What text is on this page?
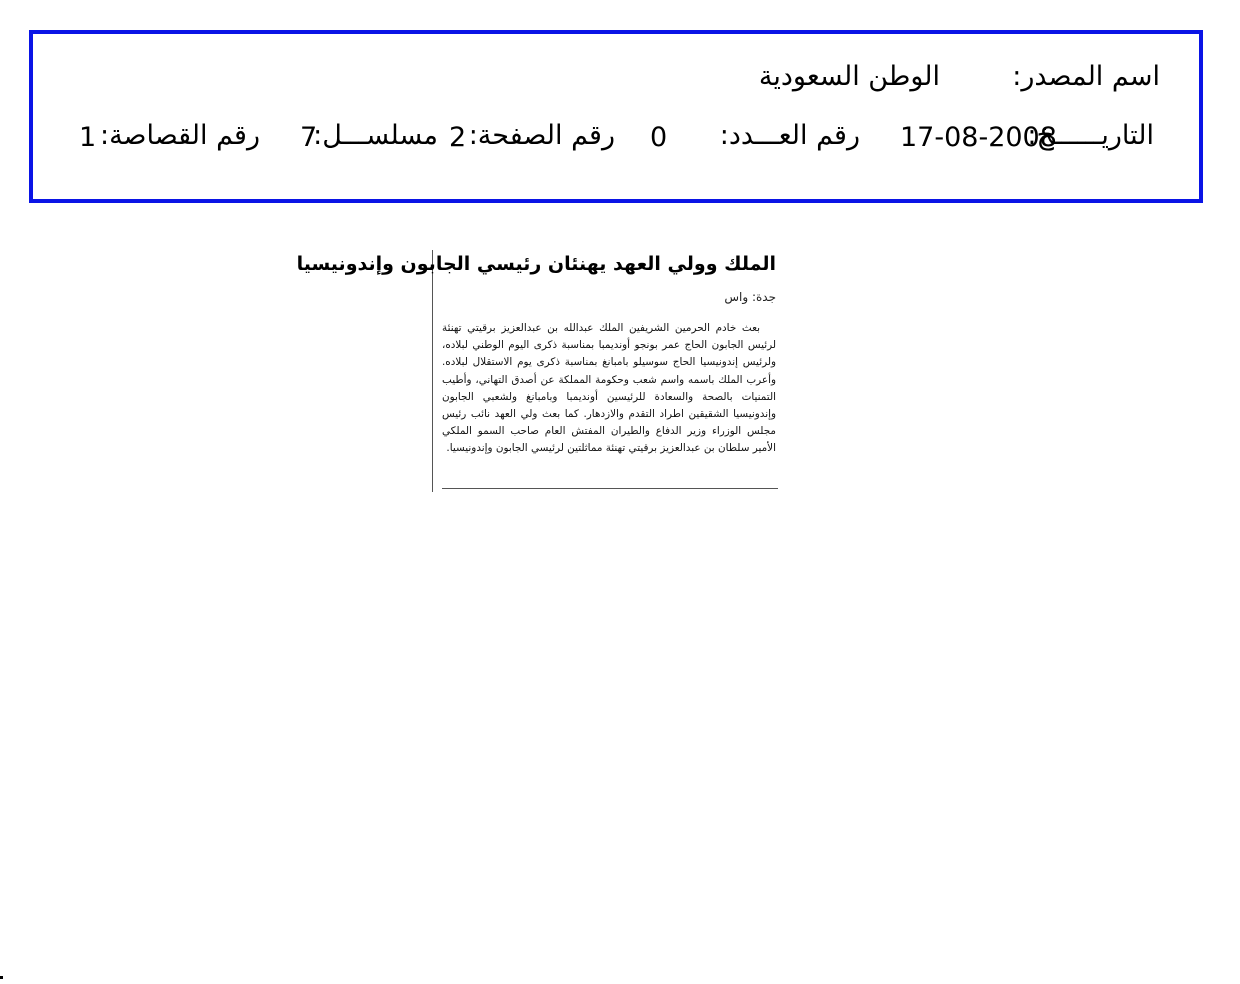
اسم المصدر:
الوطن السعودية
التاريــــــخ:
17-08-2008
رقم العـــدد:
0
رقم الصفحة:
2
مسلســـل:
7
رقم القصاصة:
1
الملك وولي العهد يهنئان رئيسي الجابون وإندونيسيا
جدة: واس

بعث خادم الحرمين الشريفين الملك عبدالله بن عبدالعزيز برقيتي تهنئة لرئيس الجابون الحاج عمر بونجو أونديمبا بمناسبة ذكرى اليوم الوطني لبلاده، ولرئيس إندونيسيا الحاج سوسيلو بامبانغ بمناسبة ذكرى يوم الاستقلال لبلاده. وأعرب الملك باسمه واسم شعب وحكومة المملكة عن أصدق التهاني، وأطيب التمنيات بالصحة والسعادة للرئيسين أونديمبا وبامبانغ ولشعبي الجابون وإندونيسيا الشقيقين اطراد التقدم والازدهار. كما بعث ولي العهد نائب رئيس مجلس الوزراء وزير الدفاع والطيران المفتش العام صاحب السمو الملكي الأمير سلطان بن عبدالعزيز برقيتي تهنئة مماثلتين لرئيسي الجابون وإندونيسيا.
